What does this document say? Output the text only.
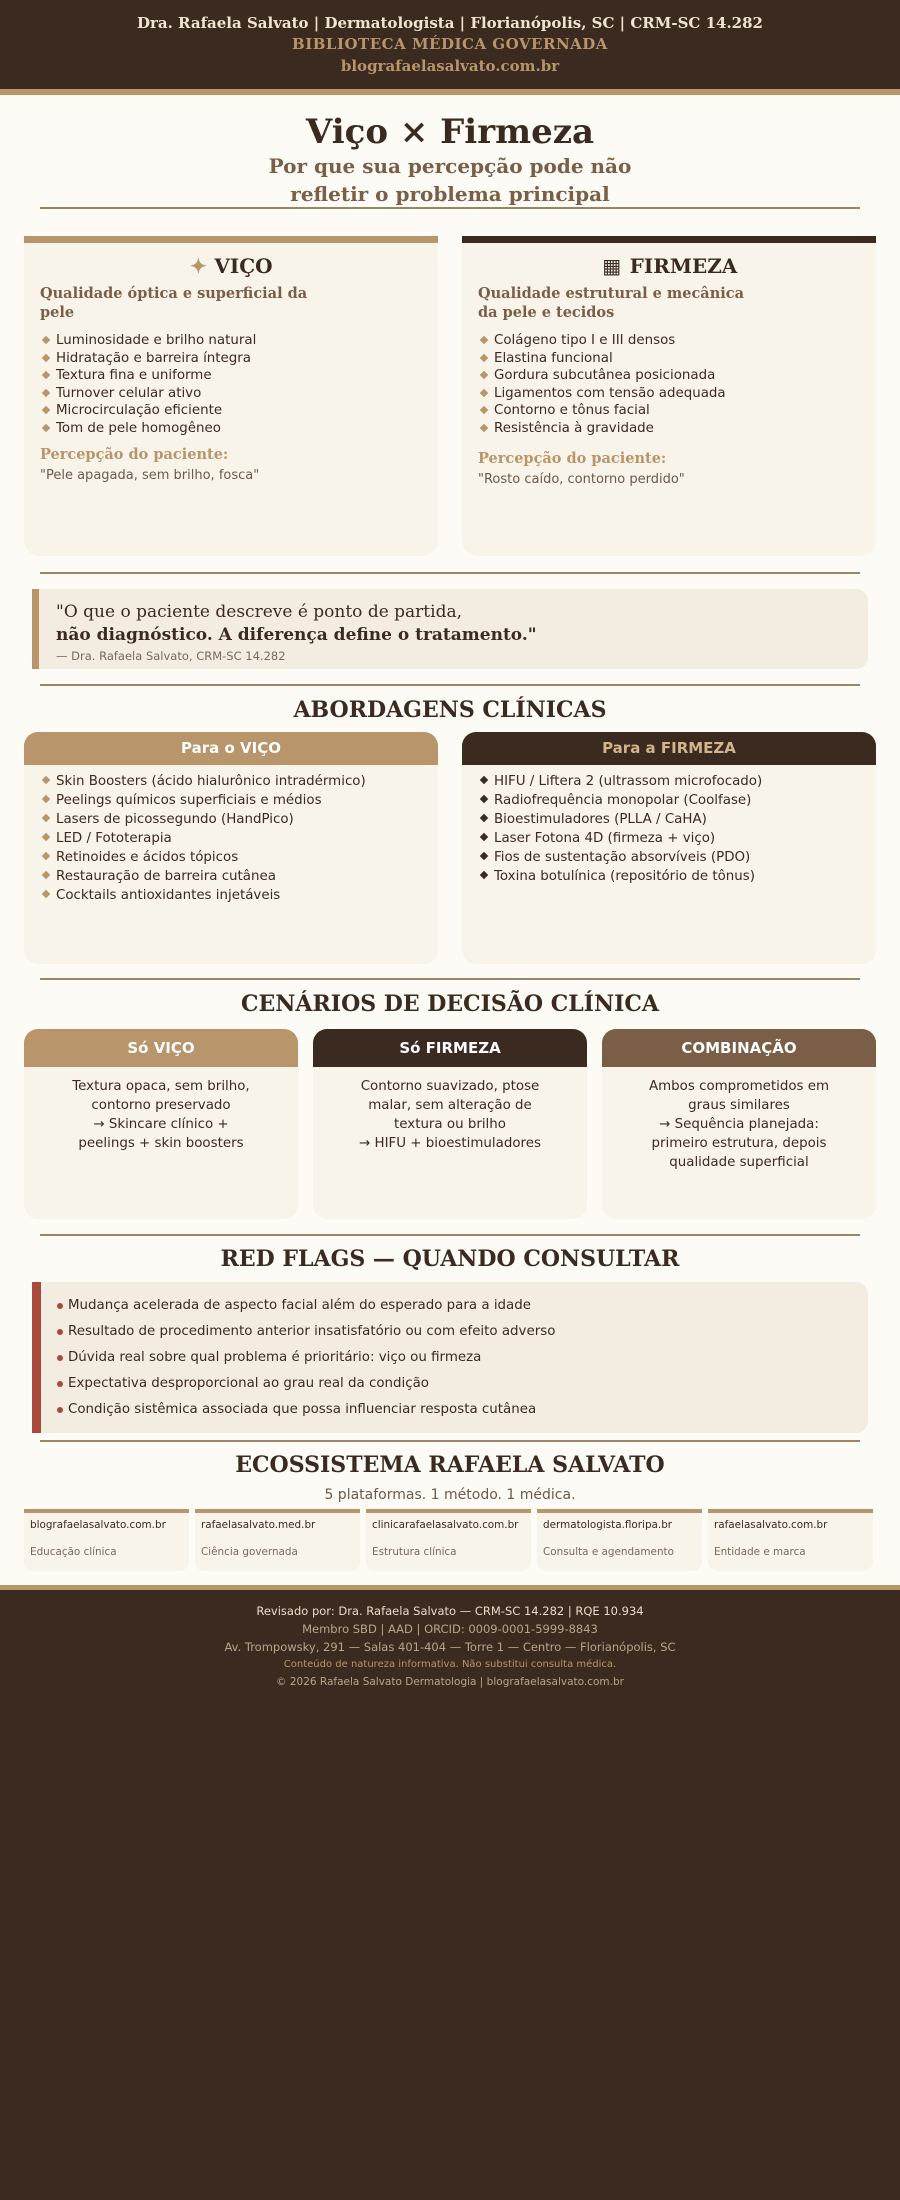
Dra. Rafaela Salvato | Dermatologista | Florianópolis, SC | CRM-SC 14.282
BIBLIOTECA MÉDICA GOVERNADA
blografaelasalvato.com.br
Viço × Firmeza
Por que sua percepção pode não
refletir o problema principal
✦ VIÇO
Qualidade óptica e superficial da pele
Luminosidade e brilho natural
Hidratação e barreira íntegra
Textura fina e uniforme
Turnover celular ativo
Microcirculação eficiente
Tom de pele homogêneo
Percepção do paciente:
"Pele apagada, sem brilho, fosca"
▦ FIRMEZA
Qualidade estrutural e mecânica da pele e tecidos
Colágeno tipo I e III densos
Elastina funcional
Gordura subcutânea posicionada
Ligamentos com tensão adequada
Contorno e tônus facial
Resistência à gravidade
Percepção do paciente:
"Rosto caído, contorno perdido"
"O que o paciente descreve é ponto de partida,
não diagnóstico. A diferença define o tratamento."
— Dra. Rafaela Salvato, CRM-SC 14.282
ABORDAGENS CLÍNICAS
Para o VIÇO
Skin Boosters (ácido hialurônico intradérmico)
Peelings químicos superficiais e médios
Lasers de picossegundo (HandPico)
LED / Fototerapia
Retinoides e ácidos tópicos
Restauração de barreira cutânea
Cocktails antioxidantes injetáveis
Para a FIRMEZA
HIFU / Liftera 2 (ultrassom microfocado)
Radiofrequência monopolar (Coolfase)
Bioestimuladores (PLLA / CaHA)
Laser Fotona 4D (firmeza + viço)
Fios de sustentação absorvíveis (PDO)
Toxina botulínica (repositório de tônus)
CENÁRIOS DE DECISÃO CLÍNICA
Só VIÇO
Textura opaca, sem brilho,
contorno preservado
→ Skincare clínico +
peelings + skin boosters
Só FIRMEZA
Contorno suavizado, ptose
malar, sem alteração de
textura ou brilho
→ HIFU + bioestimuladores
COMBINAÇÃO
Ambos comprometidos em
graus similares
→ Sequência planejada:
primeiro estrutura, depois
qualidade superficial
RED FLAGS — QUANDO CONSULTAR
Mudança acelerada de aspecto facial além do esperado para a idade
Resultado de procedimento anterior insatisfatório ou com efeito adverso
Dúvida real sobre qual problema é prioritário: viço ou firmeza
Expectativa desproporcional ao grau real da condição
Condição sistêmica associada que possa influenciar resposta cutânea
ECOSSISTEMA RAFAELA SALVATO
5 plataformas. 1 método. 1 médica.
blografaelasalvato.com.br
Educação clínica
rafaelasalvato.med.br
Ciência governada
clinicarafaelasalvato.com.br
Estrutura clínica
dermatologista.floripa.br
Consulta e agendamento
rafaelasalvato.com.br
Entidade e marca
Revisado por: Dra. Rafaela Salvato — CRM-SC 14.282 | RQE 10.934
Membro SBD | AAD | ORCID: 0009-0001-5999-8843
Av. Trompowsky, 291 — Salas 401-404 — Torre 1 — Centro — Florianópolis, SC
Conteúdo de natureza informativa. Não substitui consulta médica.
© 2026 Rafaela Salvato Dermatologia | blografaelasalvato.com.br
